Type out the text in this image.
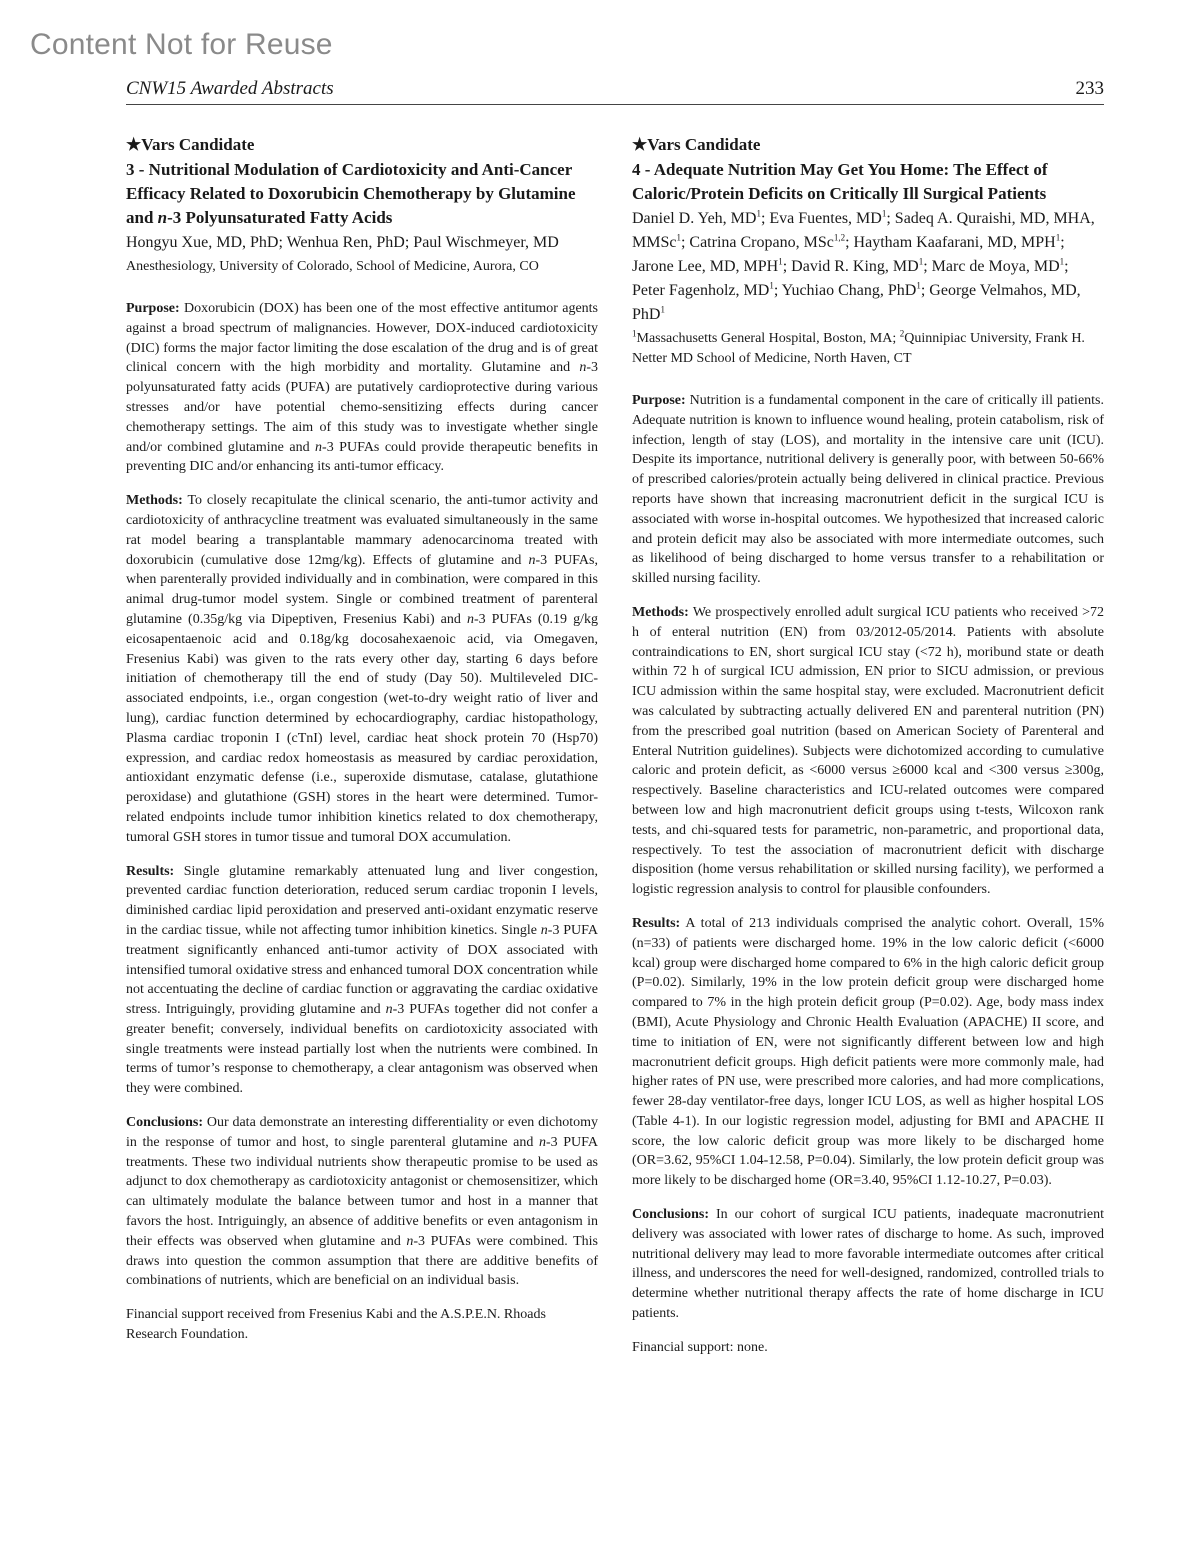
Content Not for Reuse
CNW15 Awarded Abstracts	233
★Vars Candidate
3 - Nutritional Modulation of Cardiotoxicity and Anti-Cancer Efficacy Related to Doxorubicin Chemotherapy by Glutamine and n-3 Polyunsaturated Fatty Acids
Hongyu Xue, MD, PhD; Wenhua Ren, PhD; Paul Wischmeyer, MD
Anesthesiology, University of Colorado, School of Medicine, Aurora, CO

Purpose: Doxorubicin (DOX) has been one of the most effective antitumor agents against a broad spectrum of malignancies. However, DOX-induced cardiotoxicity (DIC) forms the major factor limiting the dose escalation of the drug and is of great clinical concern with the high morbidity and mortality. Glutamine and n-3 polyunsaturated fatty acids (PUFA) are putatively cardioprotective during various stresses and/or have potential chemo-sensitizing effects during cancer chemotherapy settings. The aim of this study was to investigate whether single and/or combined glutamine and n-3 PUFAs could provide therapeutic benefits in preventing DIC and/or enhancing its anti-tumor efficacy.

Methods: To closely recapitulate the clinical scenario, the anti-tumor activity and cardiotoxicity of anthracycline treatment was evaluated simultaneously in the same rat model bearing a transplantable mammary adenocarcinoma treated with doxorubicin (cumulative dose 12mg/kg). Effects of glutamine and n-3 PUFAs, when parenterally provided individually and in combination, were compared in this animal drug-tumor model system. Single or combined treatment of parenteral glutamine (0.35g/kg via Dipeptiven, Fresenius Kabi) and n-3 PUFAs (0.19 g/kg eicosapentaenoic acid and 0.18g/kg docosahexaenoic acid, via Omegaven, Fresenius Kabi) was given to the rats every other day, starting 6 days before initiation of chemotherapy till the end of study (Day 50). Multileveled DIC-associated endpoints, i.e., organ congestion (wet-to-dry weight ratio of liver and lung), cardiac function determined by echocardiography, cardiac histopathology, Plasma cardiac troponin I (cTnI) level, cardiac heat shock protein 70 (Hsp70) expression, and cardiac redox homeostasis as measured by cardiac peroxidation, antioxidant enzymatic defense (i.e., superoxide dismutase, catalase, glutathione peroxidase) and glutathione (GSH) stores in the heart were determined. Tumor-related endpoints include tumor inhibition kinetics related to dox chemotherapy, tumoral GSH stores in tumor tissue and tumoral DOX accumulation.

Results: Single glutamine remarkably attenuated lung and liver congestion, prevented cardiac function deterioration, reduced serum cardiac troponin I levels, diminished cardiac lipid peroxidation and preserved anti-oxidant enzymatic reserve in the cardiac tissue, while not affecting tumor inhibition kinetics. Single n-3 PUFA treatment significantly enhanced anti-tumor activity of DOX associated with intensified tumoral oxidative stress and enhanced tumoral DOX concentration while not accentuating the decline of cardiac function or aggravating the cardiac oxidative stress. Intriguingly, providing glutamine and n-3 PUFAs together did not confer a greater benefit; conversely, individual benefits on cardiotoxicity associated with single treatments were instead partially lost when the nutrients were combined. In terms of tumor’s response to chemotherapy, a clear antagonism was observed when they were combined.

Conclusions: Our data demonstrate an interesting differentiality or even dichotomy in the response of tumor and host, to single parenteral glutamine and n-3 PUFA treatments. These two individual nutrients show therapeutic promise to be used as adjunct to dox chemotherapy as cardiotoxicity antagonist or chemosensitizer, which can ultimately modulate the balance between tumor and host in a manner that favors the host. Intriguingly, an absence of additive benefits or even antagonism in their effects was observed when glutamine and n-3 PUFAs were combined. This draws into question the common assumption that there are additive benefits of combinations of nutrients, which are beneficial on an individual basis.

Financial support received from Fresenius Kabi and the A.S.P.E.N. Rhoads Research Foundation.

★Vars Candidate
4 - Adequate Nutrition May Get You Home: The Effect of Caloric/Protein Deficits on Critically Ill Surgical Patients
Daniel D. Yeh, $MD^1$; Eva Fuentes, $MD^1$; Sadeq A. Quraishi, MD, MHA, MMSc$^1$; Catrina Cropano, MSc$^{1,2}$; Haytham Kaafarani, MD, MPH$^1$; Jarone Lee, MD, MPH$^1$; David R. King, $MD^1$; Marc de Moya, $MD^1$; Peter Fagenholz, $MD^1$; Yuchiao Chang, PhD$^1$; George Velmahos, MD, PhD$^1$
$^1$Massachusetts General Hospital, Boston, MA; $^2$Quinnipiac University, Frank H. Netter MD School of Medicine, North Haven, CT

Purpose: Nutrition is a fundamental component in the care of critically ill patients. Adequate nutrition is known to influence wound healing, protein catabolism, risk of infection, length of stay (LOS), and mortality in the intensive care unit (ICU). Despite its importance, nutritional delivery is generally poor, with between 50-66% of prescribed calories/protein actually being delivered in clinical practice. Previous reports have shown that increasing macronutrient deficit in the surgical ICU is associated with worse in-hospital outcomes. We hypothesized that increased caloric and protein deficit may also be associated with more intermediate outcomes, such as likelihood of being discharged to home versus transfer to a rehabilitation or skilled nursing facility.

Methods: We prospectively enrolled adult surgical ICU patients who received >72 h of enteral nutrition (EN) from 03/2012-05/2014. Patients with absolute contraindications to EN, short surgical ICU stay (<72 h), moribund state or death within 72 h of surgical ICU admission, EN prior to SICU admission, or previous ICU admission within the same hospital stay, were excluded. Macronutrient deficit was calculated by subtracting actually delivered EN and parenteral nutrition (PN) from the prescribed goal nutrition (based on American Society of Parenteral and Enteral Nutrition guidelines). Subjects were dichotomized according to cumulative caloric and protein deficit, as <6000 versus ≥6000 kcal and <300 versus ≥300g, respectively. Baseline characteristics and ICU-related outcomes were compared between low and high macronutrient deficit groups using t-tests, Wilcoxon rank tests, and chi-squared tests for parametric, non-parametric, and proportional data, respectively. To test the association of macronutrient deficit with discharge disposition (home versus rehabilitation or skilled nursing facility), we performed a logistic regression analysis to control for plausible confounders.

Results: A total of 213 individuals comprised the analytic cohort. Overall, 15% (n=33) of patients were discharged home. 19% in the low caloric deficit (<6000 kcal) group were discharged home compared to 6% in the high caloric deficit group (P=0.02). Similarly, 19% in the low protein deficit group were discharged home compared to 7% in the high protein deficit group (P=0.02). Age, body mass index (BMI), Acute Physiology and Chronic Health Evaluation (APACHE) II score, and time to initiation of EN, were not significantly different between low and high macronutrient deficit groups. High deficit patients were more commonly male, had higher rates of PN use, were prescribed more calories, and had more complications, fewer 28-day ventilator-free days, longer ICU LOS, as well as higher hospital LOS (Table 4-1). In our logistic regression model, adjusting for BMI and APACHE II score, the low caloric deficit group was more likely to be discharged home (OR=3.62, 95%CI 1.04-12.58, P=0.04). Similarly, the low protein deficit group was more likely to be discharged home (OR=3.40, 95%CI 1.12-10.27, P=0.03).

Conclusions: In our cohort of surgical ICU patients, inadequate macronutrient delivery was associated with lower rates of discharge to home. As such, improved nutritional delivery may lead to more favorable intermediate outcomes after critical illness, and underscores the need for well-designed, randomized, controlled trials to determine whether nutritional therapy affects the rate of home discharge in ICU patients.

Financial support: none.
